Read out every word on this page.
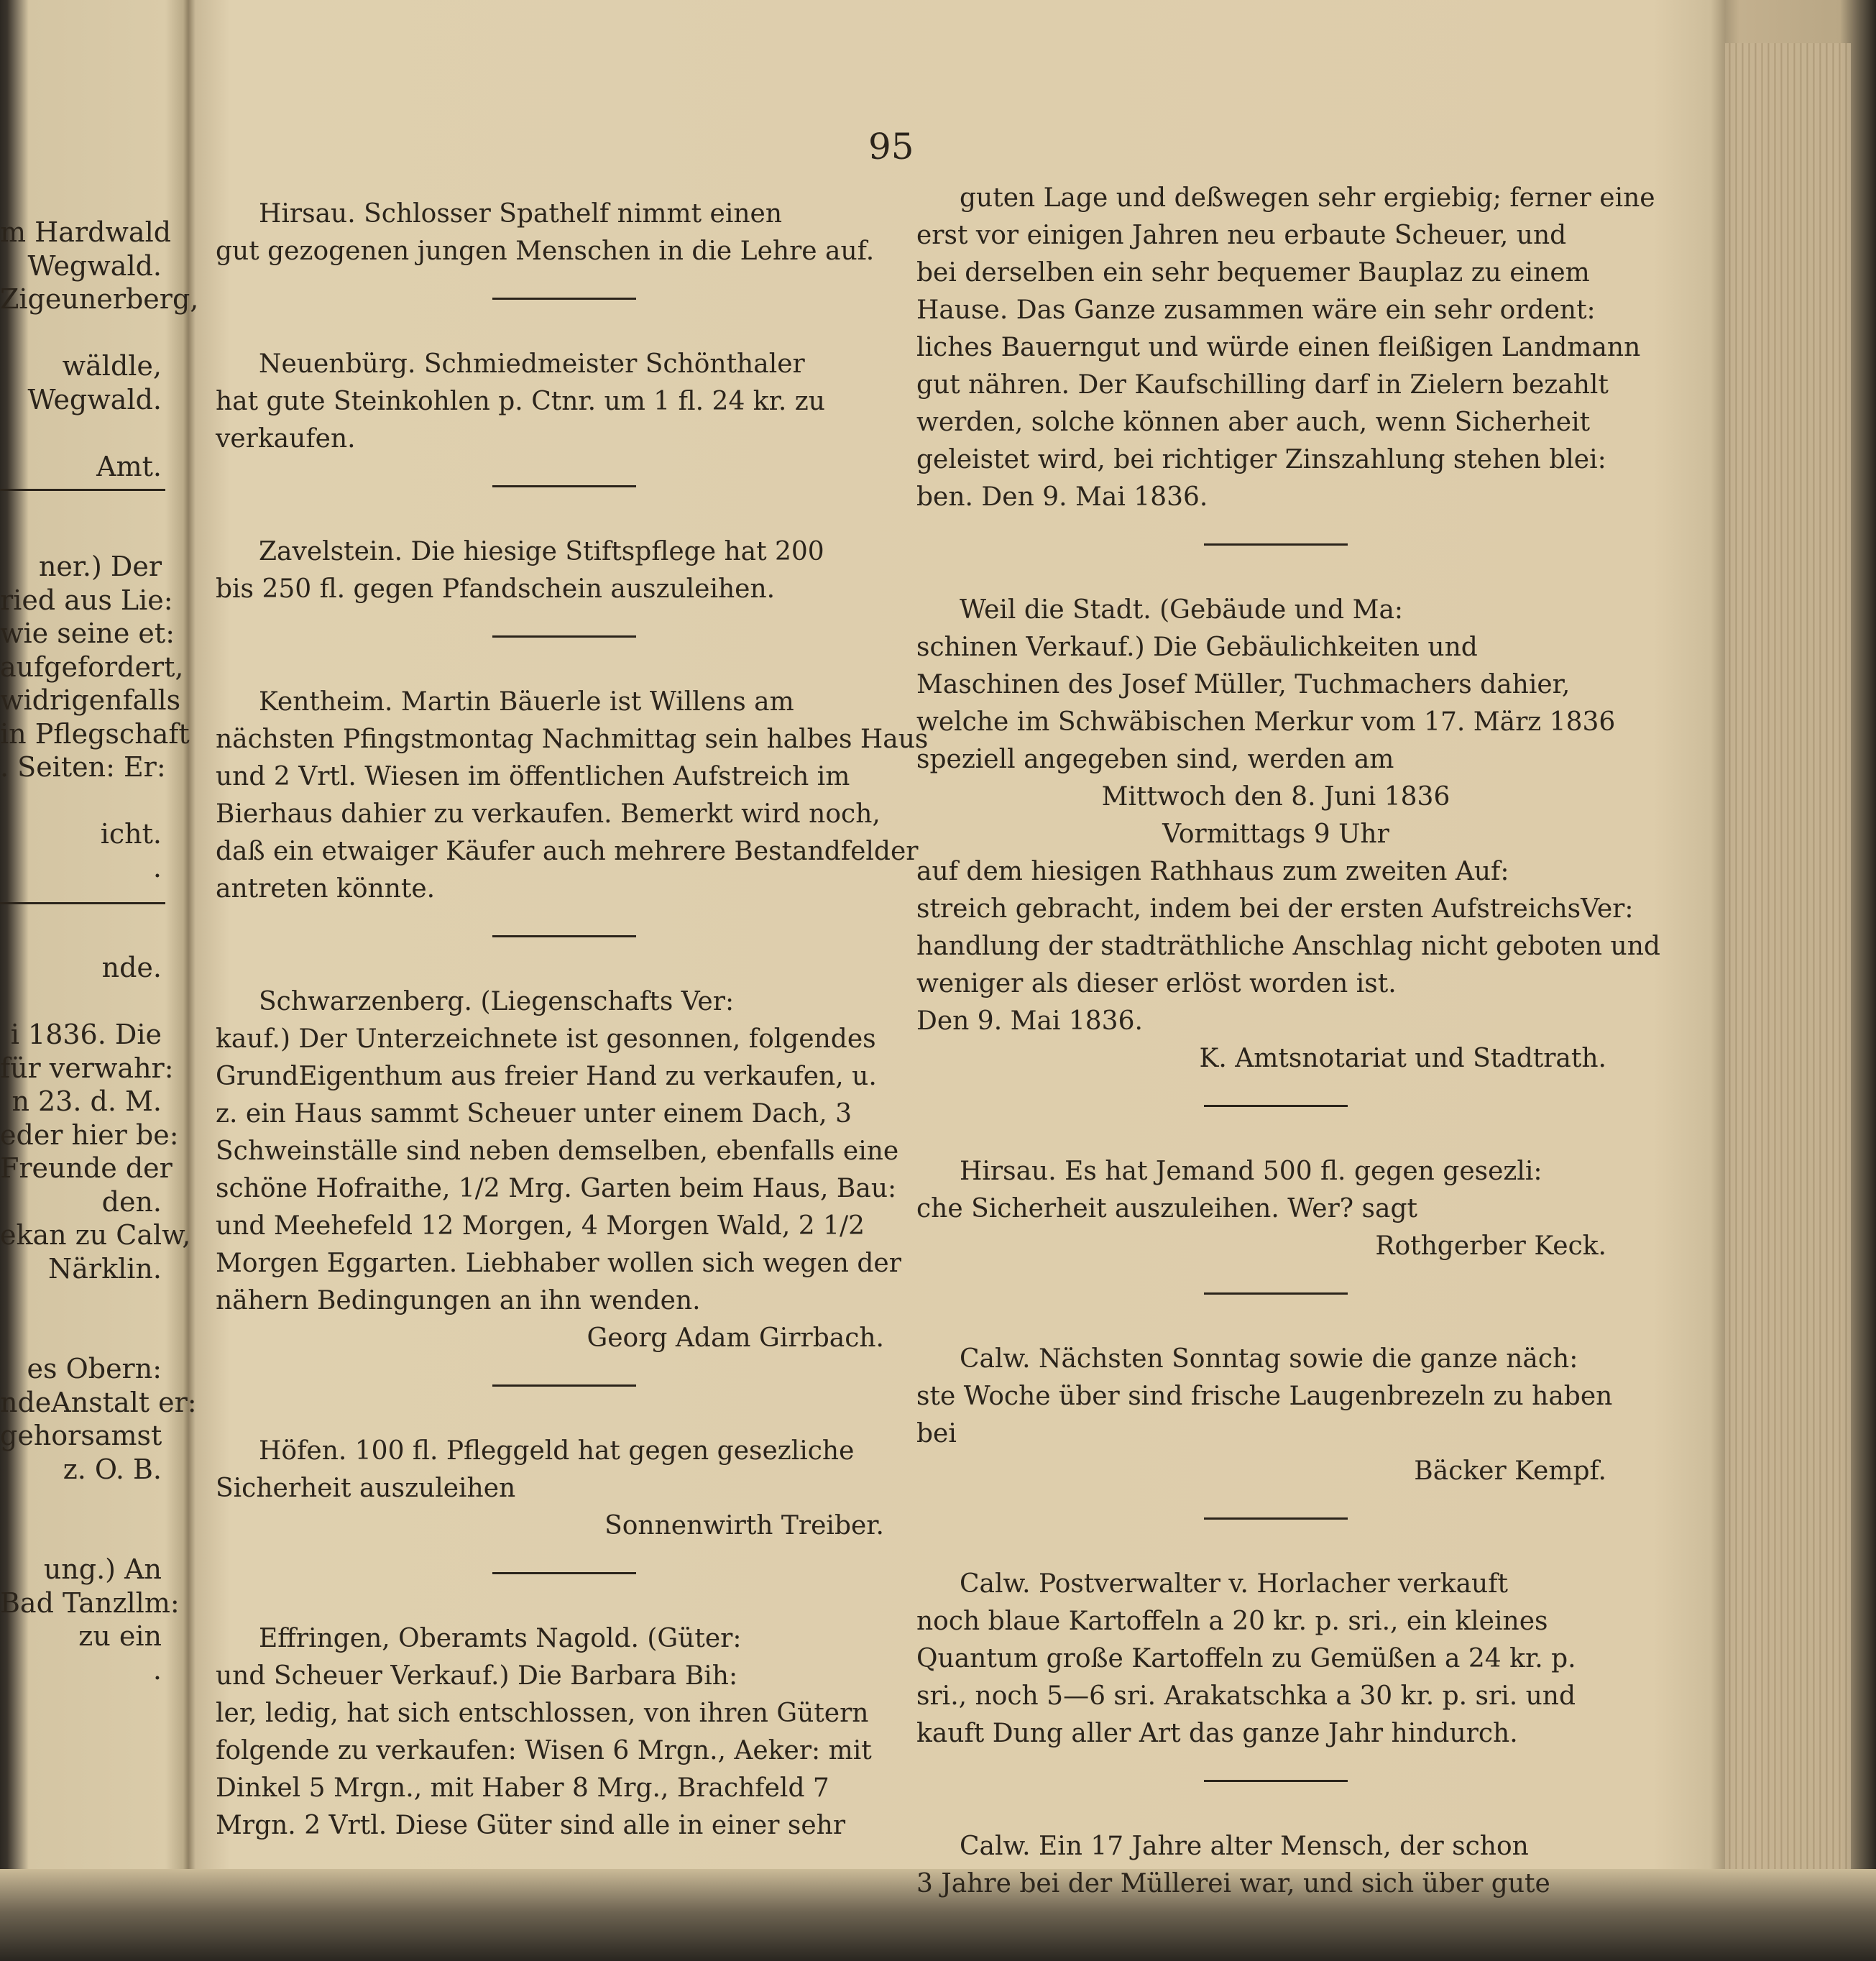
95
m Hardwald
Wegwald.
Zigeunerberg,

wäldle,
Wegwald.

Amt.

ner.) Der
ried aus Lie:
wie seine et:
aufgefordert,
widrigenfalls
in Pflegschaft
. Seiten: Er:

icht.
.

nde.

i 1836. Die
für verwahr:
n 23. d. M.
eder hier be:
Freunde der
den.
ekan zu Calw,
Närklin.

es Obern:
ndeAnstalt er:
gehorsamst
z. O. B.

ung.) An
Bad Tanzllm:
zu ein
.
Hirsau. Schlosser Spathelf nimmt einen
gut gezogenen jungen Menschen in die Lehre auf.
Neuenbürg. Schmiedmeister Schönthaler
hat gute Steinkohlen p. Ctnr. um 1 fl. 24 kr. zu
verkaufen.
Zavelstein. Die hiesige Stiftspflege hat 200
bis 250 fl. gegen Pfandschein auszuleihen.
Kentheim. Martin Bäuerle ist Willens am
nächsten Pfingstmontag Nachmittag sein halbes Haus
und 2 Vrtl. Wiesen im öffentlichen Aufstreich im
Bierhaus dahier zu verkaufen. Bemerkt wird noch,
daß ein etwaiger Käufer auch mehrere Bestandfelder
antreten könnte.
Schwarzenberg. (Liegenschafts Ver:
kauf.) Der Unterzeichnete ist gesonnen, folgendes
GrundEigenthum aus freier Hand zu verkaufen, u.
z. ein Haus sammt Scheuer unter einem Dach, 3
Schweinställe sind neben demselben, ebenfalls eine
schöne Hofraithe, 1/2 Mrg. Garten beim Haus, Bau:
und Meehefeld 12 Morgen, 4 Morgen Wald, 2 1/2
Morgen Eggarten. Liebhaber wollen sich wegen der
nähern Bedingungen an ihn wenden.
Georg Adam Girrbach.
Höfen. 100 fl. Pfleggeld hat gegen gesezliche
Sicherheit auszuleihen
Sonnenwirth Treiber.
Effringen, Oberamts Nagold. (Güter:
und Scheuer Verkauf.) Die Barbara Bih:
ler, ledig, hat sich entschlossen, von ihren Gütern
folgende zu verkaufen: Wisen 6 Mrgn., Aeker: mit
Dinkel 5 Mrgn., mit Haber 8 Mrg., Brachfeld 7
Mrgn. 2 Vrtl. Diese Güter sind alle in einer sehr
guten Lage und deßwegen sehr ergiebig; ferner eine
erst vor einigen Jahren neu erbaute Scheuer, und
bei derselben ein sehr bequemer Bauplaz zu einem
Hause. Das Ganze zusammen wäre ein sehr ordent:
liches Bauerngut und würde einen fleißigen Landmann
gut nähren. Der Kaufschilling darf in Zielern bezahlt
werden, solche können aber auch, wenn Sicherheit
geleistet wird, bei richtiger Zinszahlung stehen blei:
ben. Den 9. Mai 1836.
Weil die Stadt. (Gebäude und Ma:
schinen Verkauf.) Die Gebäulichkeiten und
Maschinen des Josef Müller, Tuchmachers dahier,
welche im Schwäbischen Merkur vom 17. März 1836
speziell angegeben sind, werden am
Mittwoch den 8. Juni 1836
Vormittags 9 Uhr
auf dem hiesigen Rathhaus zum zweiten Auf:
streich gebracht, indem bei der ersten AufstreichsVer:
handlung der stadträthliche Anschlag nicht geboten und
weniger als dieser erlöst worden ist.
Den 9. Mai 1836.
K. Amtsnotariat und Stadtrath.
Hirsau. Es hat Jemand 500 fl. gegen gesezli:
che Sicherheit auszuleihen. Wer? sagt
Rothgerber Keck.
Calw. Nächsten Sonntag sowie die ganze näch:
ste Woche über sind frische Laugenbrezeln zu haben
bei
Bäcker Kempf.
Calw. Postverwalter v. Horlacher verkauft
noch blaue Kartoffeln a 20 kr. p. sri., ein kleines
Quantum große Kartoffeln zu Gemüßen a 24 kr. p.
sri., noch 5—6 sri. Arakatschka a 30 kr. p. sri. und
kauft Dung aller Art das ganze Jahr hindurch.
Calw. Ein 17 Jahre alter Mensch, der schon
3 Jahre bei der Müllerei war, und sich über gute
